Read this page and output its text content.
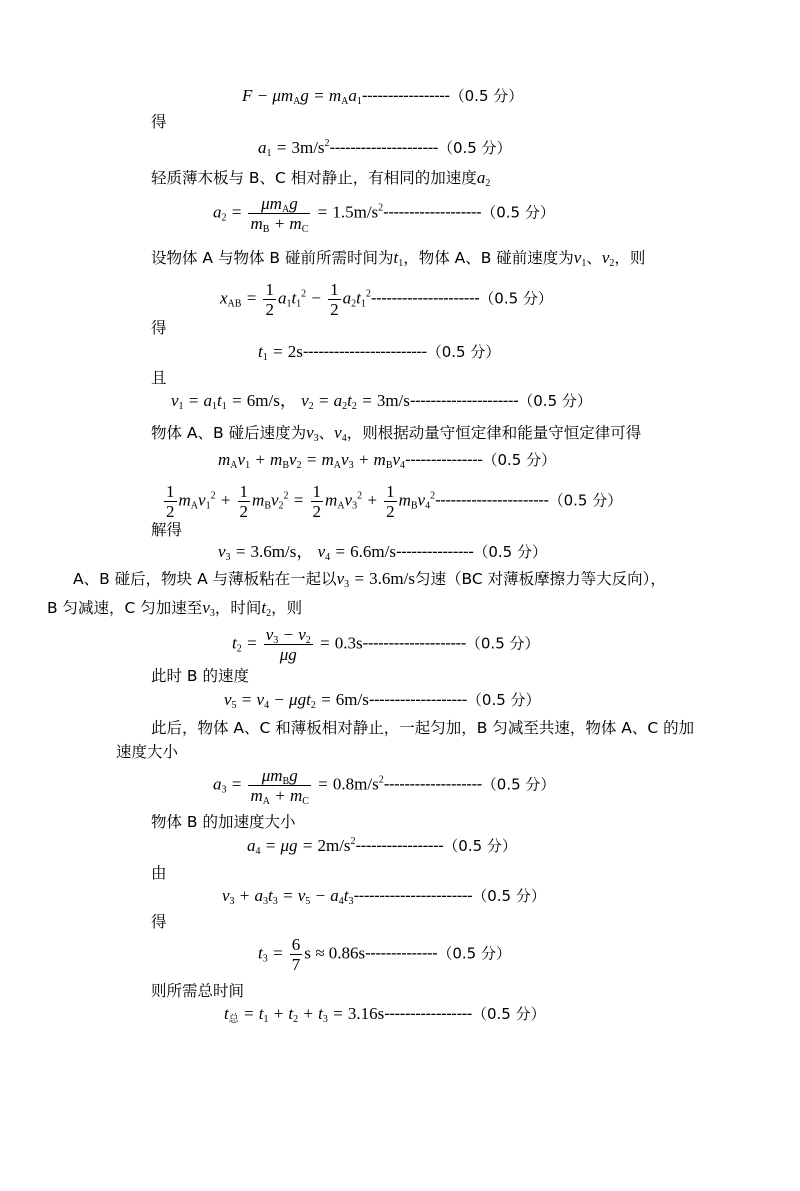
$F - \mu m_Ag = m_Aa_1-----------------(0.5$ 分）
得
$a_1 = 3m/s^2---------------------(0.5$ 分）
轻质薄木板与 B、C 相对静止，有相同的加速度$a_2$
$a_2 = \frac{\mu m_Ag}{m_B + m_C} = 1.5m/s^2-------------------(0.5$ 分）
设物体 A 与物体 B 碰前所需时间为$t_1$，物体 A、B 碰前速度为$v_1$、$v_2$，则
$x_{AB} = \frac{1}{2} a_1t_1^2 - \frac{1}{2} a_2t_1^2---------------------(0.5$ 分）
得
$t_1 = 2s------------------------(0.5$ 分）
且
$v_1 = a_1t_1 = 6m/s$， $v_2 = a_2t_2 = 3m/s---------------------(0.5$ 分）
物体 A、B 碰后速度为$v_3$、$v_4$，则根据动量守恒定律和能量守恒定律可得
$m_Av_1 + m_Bv_2 = m_Av_3 + m_Bv_4---------------(0.5$ 分）
$\frac{1}{2} m_Av_1^2 + \frac{1}{2} m_Bv_2^2 = \frac{1}{2} m_Av_3^2 + \frac{1}{2} m_Bv_4^2----------------------(0.5$ 分）
解得
$v_3 = 3.6m/s$， $v_4 = 6.6m/s---------------(0.5$ 分）
A、B 碰后，物块 A 与薄板粘在一起以$v_3 = 3.6m/s$匀速（BC 对薄板摩擦力等大反向），
B 匀减速，C 匀加速至$v_3$，时间$t_2$，则
$t_2 = \frac{v_3 - v_2}{\mu g} = 0.3s--------------------(0.5$ 分）
此时 B 的速度
$v_5 = v_4 - \mu gt_2 = 6m/s-------------------(0.5$ 分）
此后，物体 A、C 和薄板相对静止，一起匀加，B 匀减至共速，物体 A、C 的加
速度大小
$a_3 = \frac{\mu m_Bg}{m_A + m_C} = 0.8m/s^2-------------------(0.5$ 分）
物体 B 的加速度大小
$a_4 = \mu g = 2m/s^2-----------------(0.5$ 分）
由
$v_3 + a_3t_3 = v_5 - a_4t_3-----------------------(0.5$ 分）
得
$t_3 = \frac{6}{7}$ s ≈ 0.86s--------------（0.5 分）
则所需总时间
$t_总 = t_1 + t_2 + t_3 = 3.16s-----------------(0.5$ 分）
